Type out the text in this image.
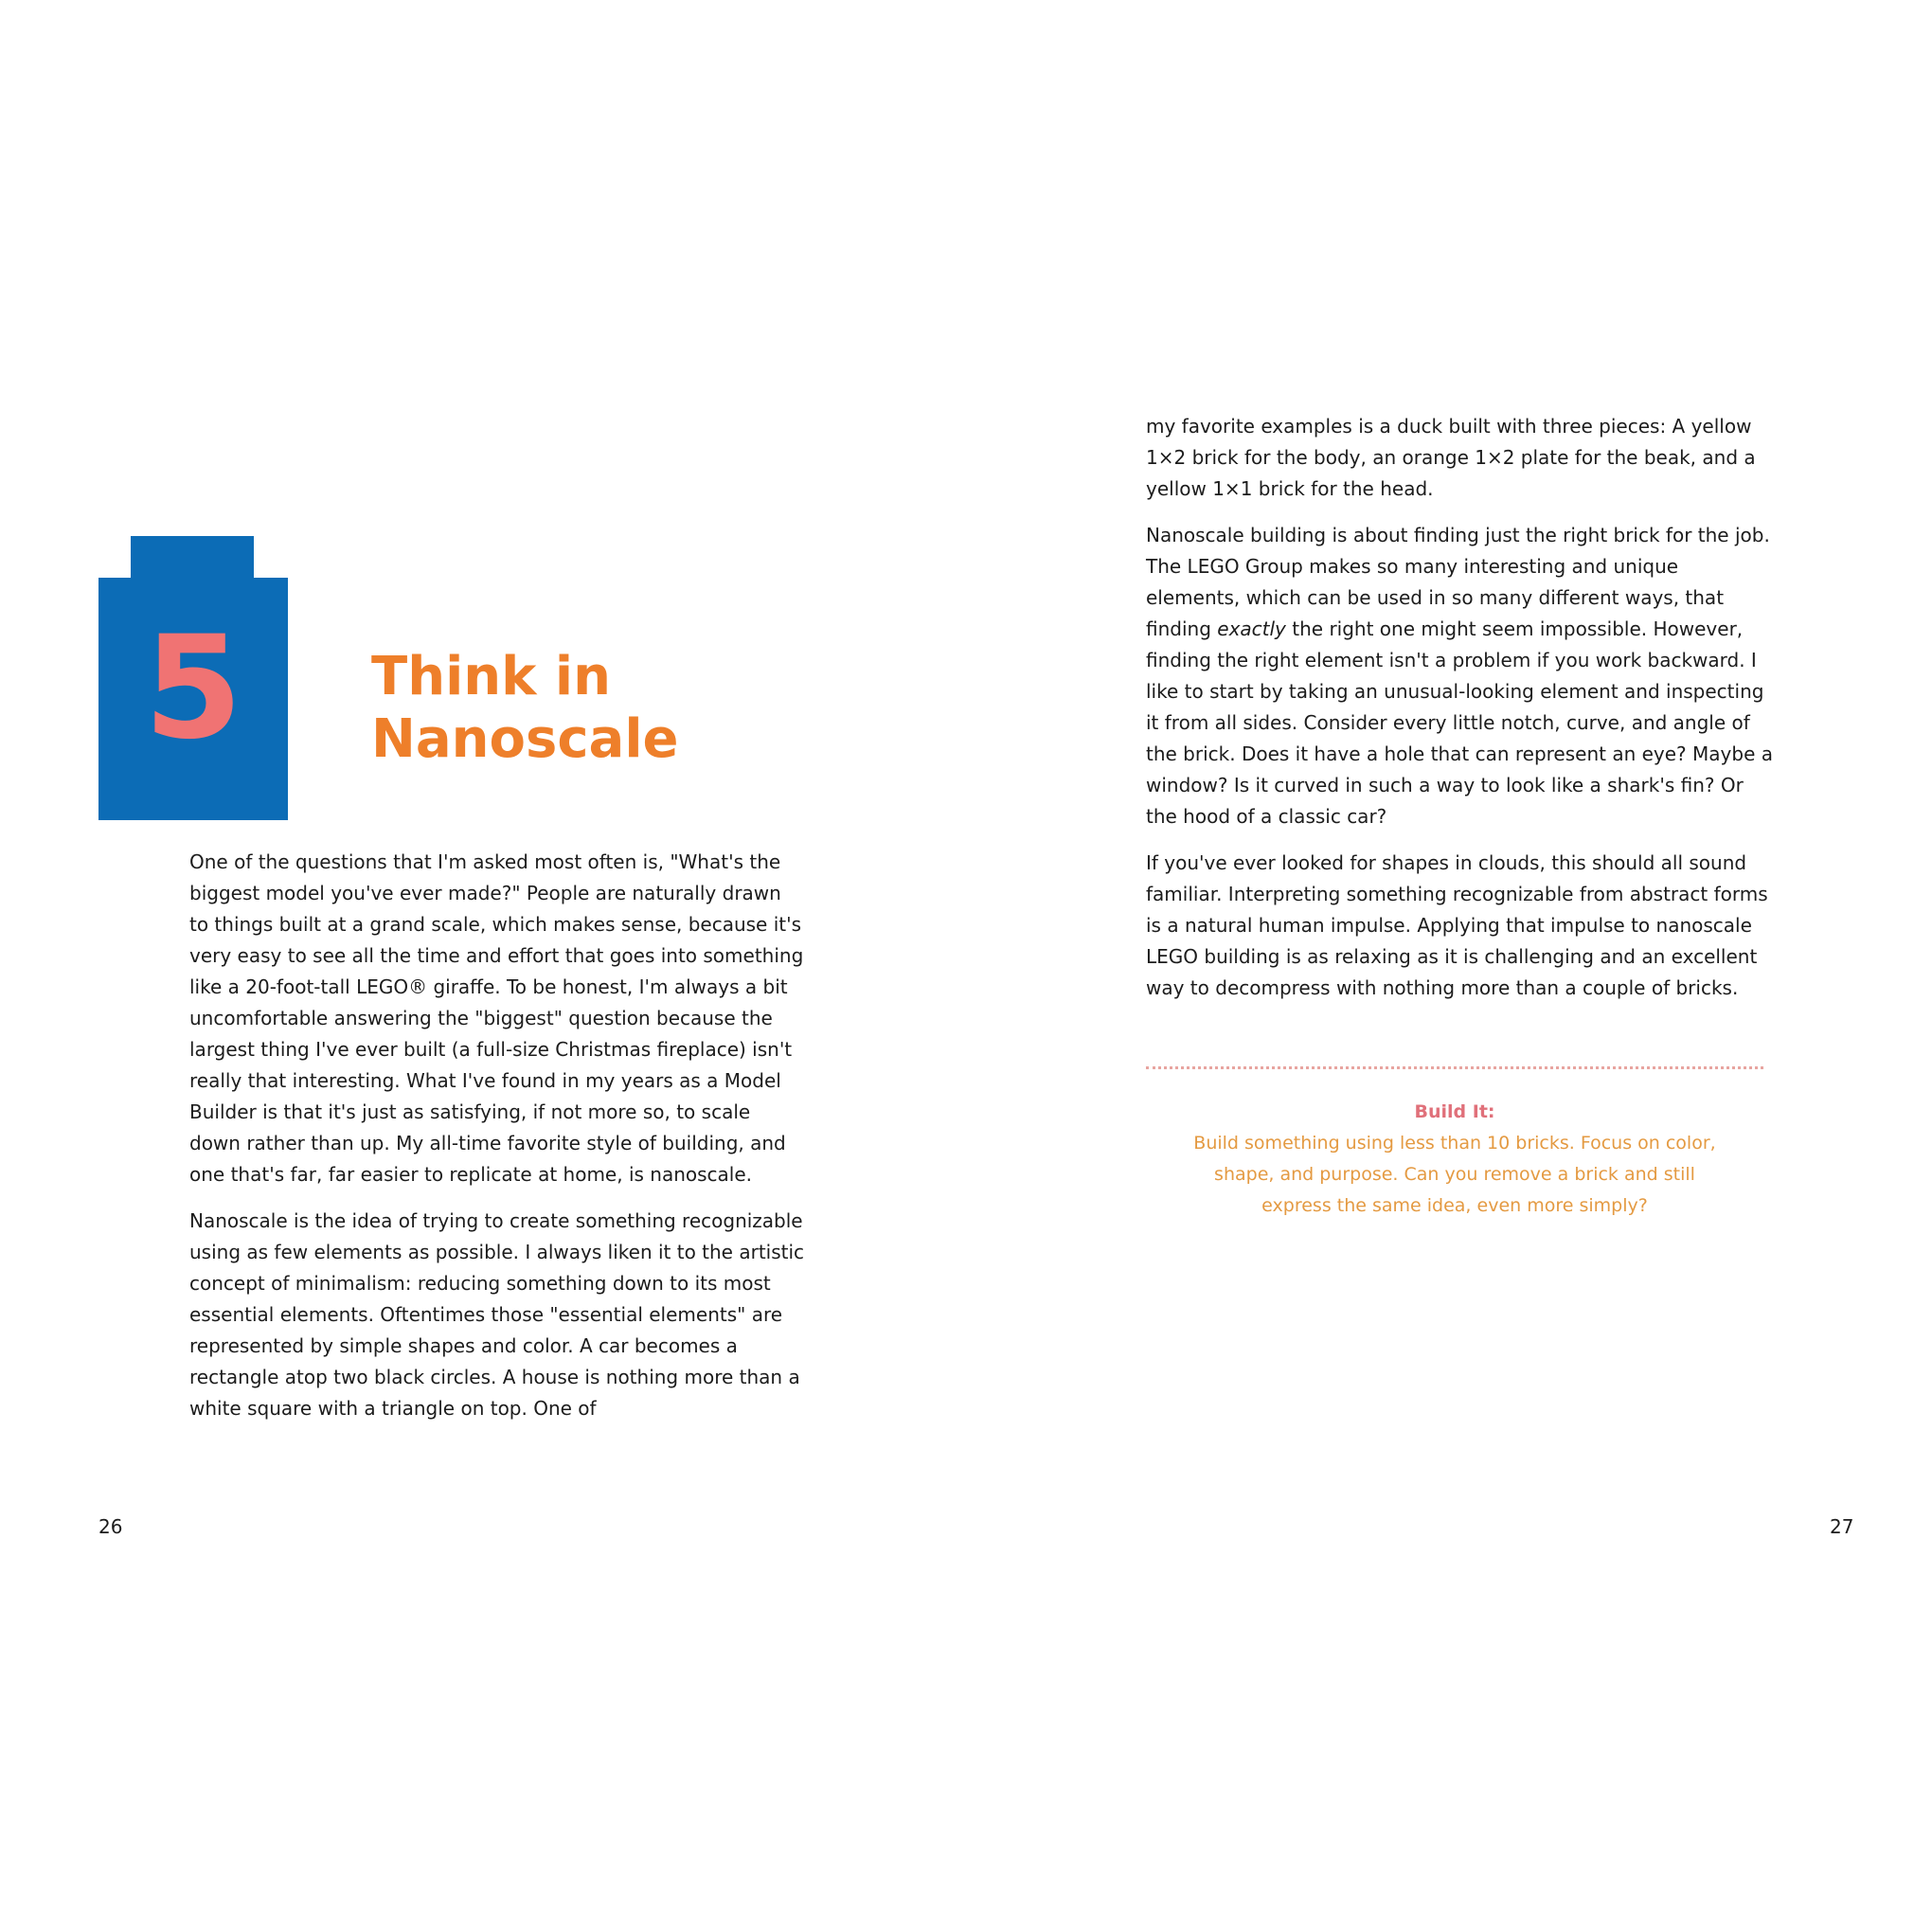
5	Think in
Nanoscale

One of the questions that I'm asked most often is, "What's the biggest model you've ever made?" People are naturally drawn to things built at a grand scale, which makes sense, because it's very easy to see all the time and effort that goes into something like a 20-foot-tall LEGO® giraffe. To be honest, I'm always a bit uncomfortable answering the "biggest" question because the largest thing I've ever built (a full-size Christmas fireplace) isn't really that interesting. What I've found in my years as a Model Builder is that it's just as satisfying, if not more so, to scale down rather than up. My all-time favorite style of building, and one that's far, far easier to replicate at home, is nanoscale.

Nanoscale is the idea of trying to create something recognizable using as few elements as possible. I always liken it to the artistic concept of minimalism: reducing something down to its most essential elements. Oftentimes those "essential elements" are represented by simple shapes and color. A car becomes a rectangle atop two black circles. A house is nothing more than a white square with a triangle on top. One of

my favorite examples is a duck built with three pieces: A yellow 1×2 brick for the body, an orange 1×2 plate for the beak, and a yellow 1×1 brick for the head.

Nanoscale building is about finding just the right brick for the job. The LEGO Group makes so many interesting and unique elements, which can be used in so many different ways, that finding exactly the right one might seem impossible. However, finding the right element isn't a problem if you work backward. I like to start by taking an unusual-looking element and inspecting it from all sides. Consider every little notch, curve, and angle of the brick. Does it have a hole that can represent an eye? Maybe a window? Is it curved in such a way to look like a shark's fin? Or the hood of a classic car?

If you've ever looked for shapes in clouds, this should all sound familiar. Interpreting something recognizable from abstract forms is a natural human impulse. Applying that impulse to nanoscale LEGO building is as relaxing as it is challenging and an excellent way to decompress with nothing more than a couple of bricks.

Build It:

Build something using less than 10 bricks. Focus on color, shape, and purpose. Can you remove a brick and still express the same idea, even more simply?

26	27
